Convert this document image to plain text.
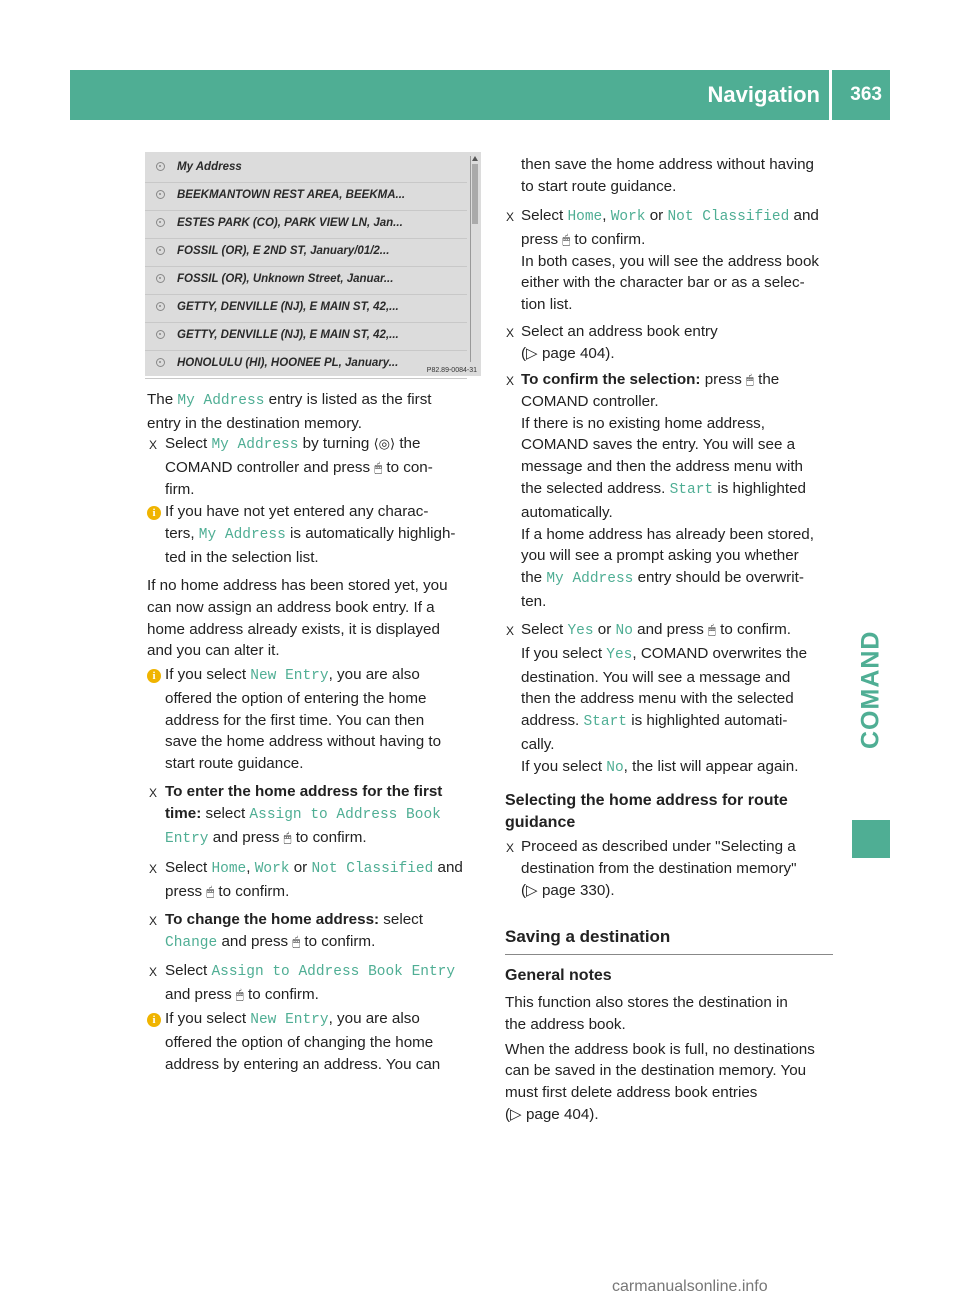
Navigation 363
COMAND
My Address
BEEKMANTOWN REST AREA, BEEKMA...
ESTES PARK (CO), PARK VIEW LN, Jan...
FOSSIL (OR), E 2ND ST, January/01/2...
FOSSIL (OR), Unknown Street, Januar...
GETTY, DENVILLE (NJ), E MAIN ST, 42,...
GETTY, DENVILLE (NJ), E MAIN ST, 42,...
HONOLULU (HI), HOONEE PL, January...
P82.89-0084-31

The My Address entry is listed as the first

entry in the destination memory.

X Select My Address by turning ⟨◎⟩ the

COMAND controller and press 🖱 to con-

firm.

i If you have not yet entered any charac-

ters, My Address is automatically highligh-

ted in the selection list.

If no home address has been stored yet, you

can now assign an address book entry. If a

home address already exists, it is displayed

and you can alter it.

i If you select New Entry, you are also

offered the option of entering the home

address for the first time. You can then

save the home address without having to

start route guidance.

X To enter the home address for the first

time: select Assign to Address Book

Entry and press 🖱 to confirm.

X Select Home, Work or Not Classified and

press 🖱 to confirm.

X To change the home address: select

Change and press 🖱 to confirm.

X Select Assign to Address Book Entry

and press 🖱 to confirm.

i If you select New Entry, you are also

offered the option of changing the home

address by entering an address. You can

then save the home address without having

to start route guidance.

X Select Home, Work or Not Classified and

press 🖱 to confirm.

In both cases, you will see the address book

either with the character bar or as a selec-

tion list.

X Select an address book entry

(▷ page 404).

X To confirm the selection: press 🖱 the

COMAND controller.

If there is no existing home address,

COMAND saves the entry. You will see a

message and then the address menu with

the selected address. Start is highlighted

automatically.

If a home address has already been stored,

you will see a prompt asking you whether

the My Address entry should be overwrit-

ten.

X Select Yes or No and press 🖱 to confirm.

If you select Yes, COMAND overwrites the

destination. You will see a message and

then the address menu with the selected

address. Start is highlighted automati-

cally.

If you select No, the list will appear again.

Selecting the home address for route

guidance

X Proceed as described under "Selecting a

destination from the destination memory"

(▷ page 330).

Saving a destination
General notes

This function also stores the destination in

the address book.

When the address book is full, no destinations

can be saved in the destination memory. You

must first delete address book entries

(▷ page 404).

carmanualsonline.info
